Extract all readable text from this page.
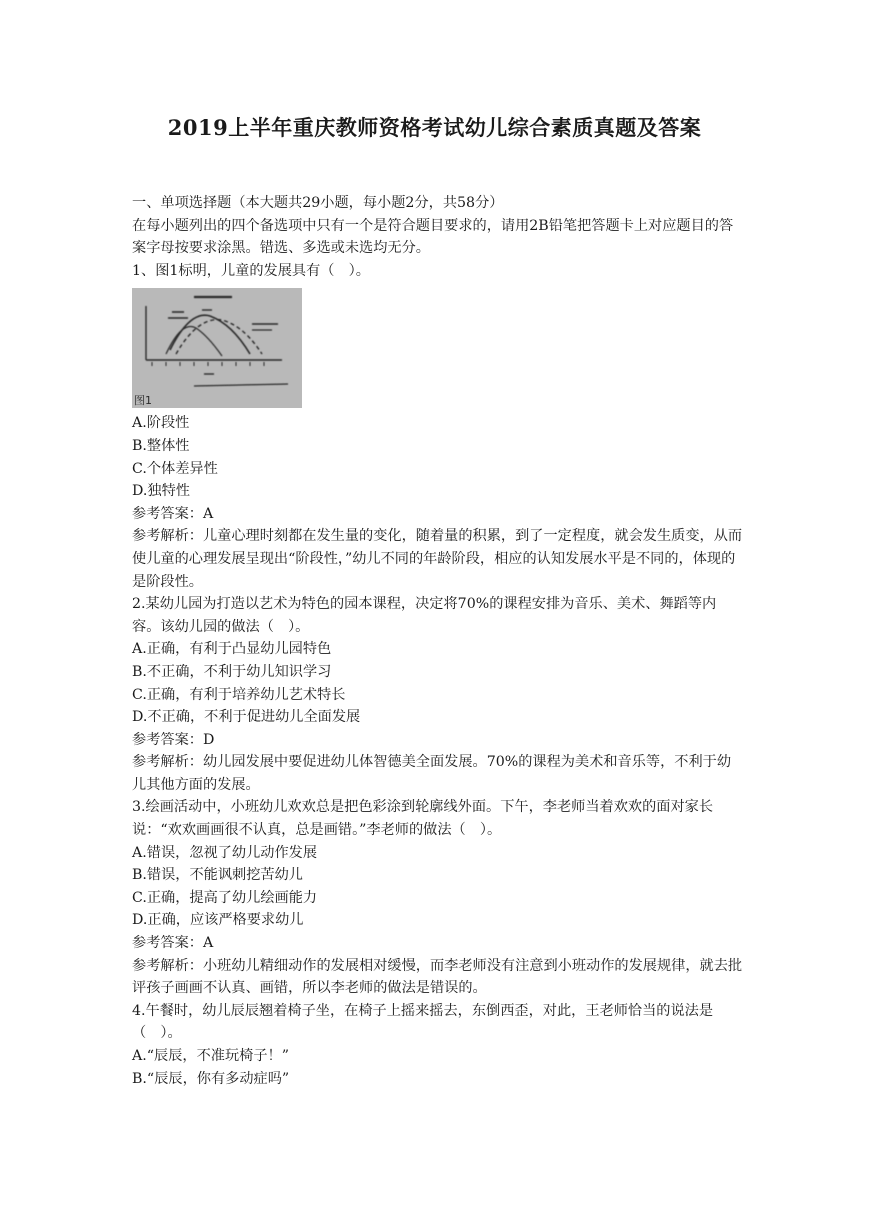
2019上半年重庆教师资格考试幼儿综合素质真题及答案

一、单项选择题（本大题共29小题，每小题2分，共58分）

在每小题列出的四个备选项中只有一个是符合题目要求的，请用2B铅笔把答题卡上对应题目的答案字母按要求涂黑。错选、多选或未选均无分。

1、图1标明，儿童的发展具有（　）。

图1

A.阶段性

B.整体性

C.个体差异性

D.独特性

参考答案：A

参考解析：儿童心理时刻都在发生量的变化，随着量的积累，到了一定程度，就会发生质变，从而使儿童的心理发展呈现出“阶段性，”幼儿不同的年龄阶段，相应的认知发展水平是不同的，体现的是阶段性。

2.某幼儿园为打造以艺术为特色的园本课程，决定将70%的课程安排为音乐、美术、舞蹈等内容。该幼儿园的做法（　）。

A.正确，有利于凸显幼儿园特色

B.不正确，不利于幼儿知识学习

C.正确，有利于培养幼儿艺术特长

D.不正确，不利于促进幼儿全面发展

参考答案：D

参考解析：幼儿园发展中要促进幼儿体智德美全面发展。70%的课程为美术和音乐等，不利于幼儿其他方面的发展。

3.绘画活动中，小班幼儿欢欢总是把色彩涂到轮廓线外面。下午，李老师当着欢欢的面对家长说：“欢欢画画很不认真，总是画错。”李老师的做法（　）。

A.错误，忽视了幼儿动作发展

B.错误，不能讽刺挖苦幼儿

C.正确，提高了幼儿绘画能力

D.正确，应该严格要求幼儿

参考答案：A

参考解析：小班幼儿精细动作的发展相对缓慢，而李老师没有注意到小班动作的发展规律，就去批评孩子画画不认真、画错，所以李老师的做法是错误的。

4.午餐时，幼儿辰辰翘着椅子坐，在椅子上摇来摇去，东倒西歪，对此，王老师恰当的说法是（　）。

A.“辰辰，不准玩椅子！”

B.“辰辰，你有多动症吗”
